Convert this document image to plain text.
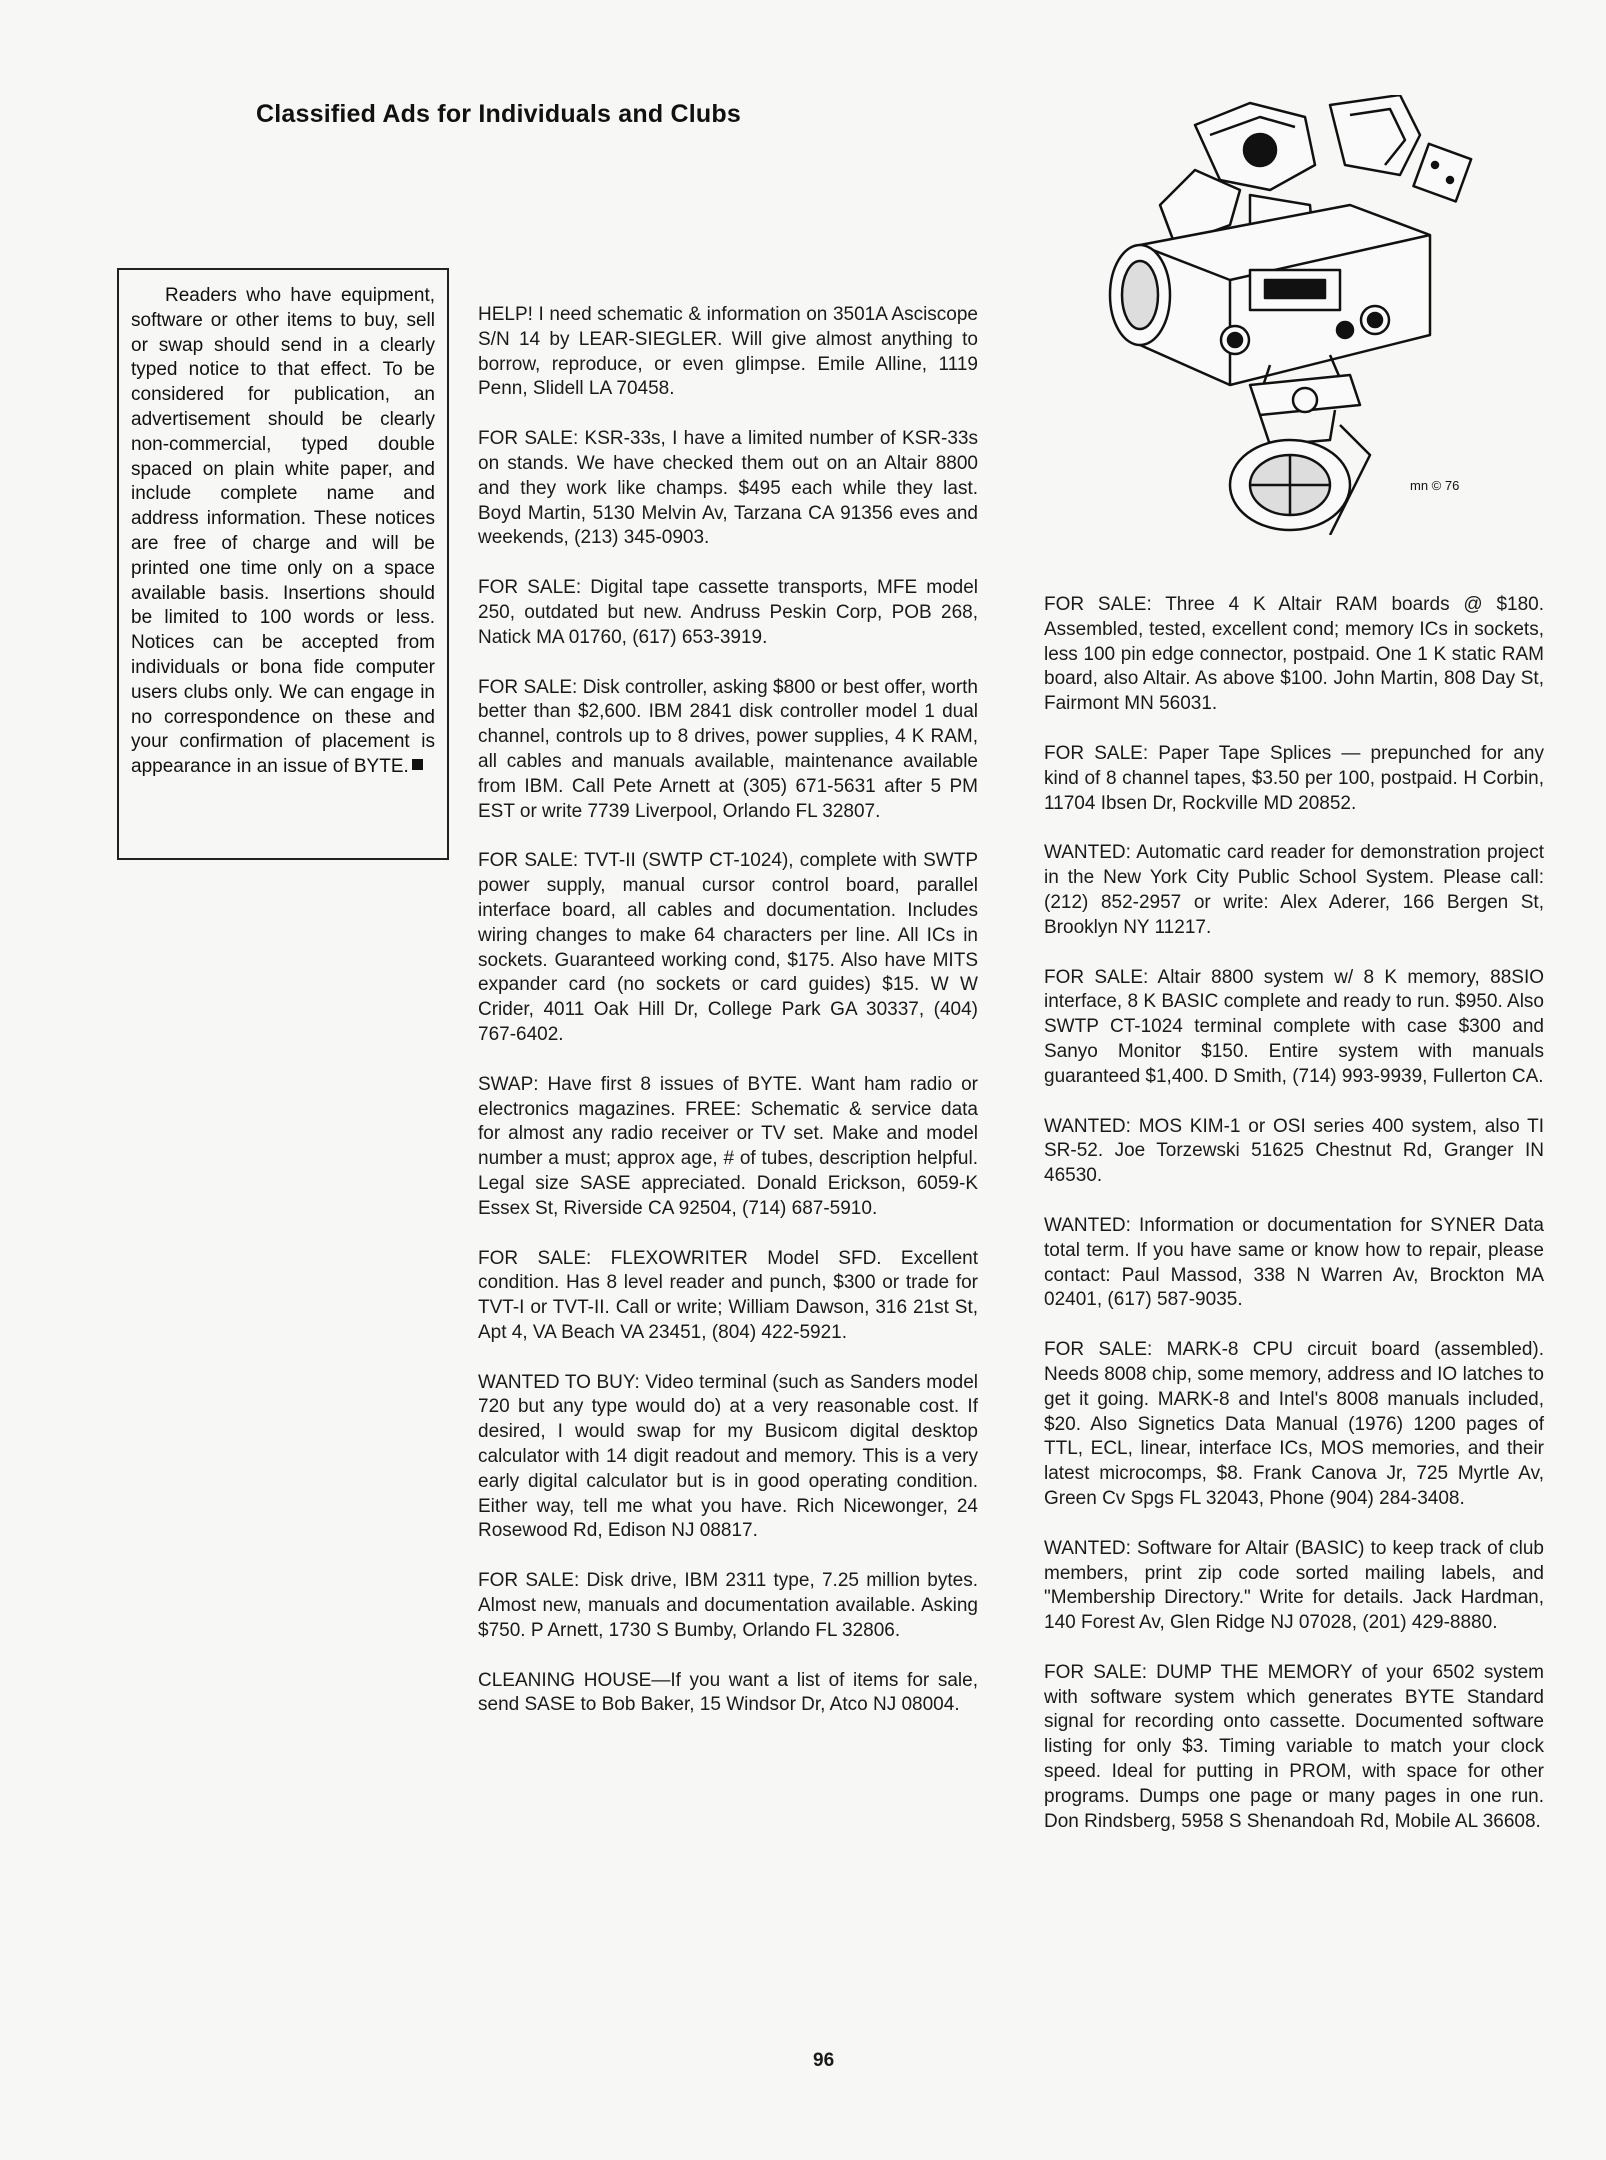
Classified Ads for Individuals and Clubs

Readers who have equipment, software or other items to buy, sell or swap should send in a clearly typed notice to that effect. To be considered for publication, an advertisement should be clearly non-commercial, typed double spaced on plain white paper, and include complete name and address information. These notices are free of charge and will be printed one time only on a space available basis. Insertions should be limited to 100 words or less. Notices can be accepted from individuals or bona fide computer users clubs only. We can engage in no correspondence on these and your confirmation of placement is appearance in an issue of BYTE.

mn © 76

HELP! I need schematic & information on 3501A Asciscope S/N 14 by LEAR-SIEGLER. Will give almost anything to borrow, reproduce, or even glimpse. Emile Alline, 1119 Penn, Slidell LA 70458.

FOR SALE: KSR-33s, I have a limited number of KSR-33s on stands. We have checked them out on an Altair 8800 and they work like champs. $495 each while they last. Boyd Martin, 5130 Melvin Av, Tarzana CA 91356 eves and weekends, (213) 345-0903.

FOR SALE: Digital tape cassette transports, MFE model 250, outdated but new. Andruss Peskin Corp, POB 268, Natick MA 01760, (617) 653-3919.

FOR SALE: Disk controller, asking $800 or best offer, worth better than $2,600. IBM 2841 disk controller model 1 dual channel, controls up to 8 drives, power supplies, 4 K RAM, all cables and manuals available, maintenance available from IBM. Call Pete Arnett at (305) 671-5631 after 5 PM EST or write 7739 Liverpool, Orlando FL 32807.

FOR SALE: TVT-II (SWTP CT-1024), complete with SWTP power supply, manual cursor control board, parallel interface board, all cables and documentation. Includes wiring changes to make 64 characters per line. All ICs in sockets. Guaranteed working cond, $175. Also have MITS expander card (no sockets or card guides) $15. W W Crider, 4011 Oak Hill Dr, College Park GA 30337, (404) 767-6402.

SWAP: Have first 8 issues of BYTE. Want ham radio or electronics magazines. FREE: Schematic & service data for almost any radio receiver or TV set. Make and model number a must; approx age, # of tubes, description helpful. Legal size SASE appreciated. Donald Erickson, 6059-K Essex St, Riverside CA 92504, (714) 687-5910.

FOR SALE: FLEXOWRITER Model SFD. Excellent condition. Has 8 level reader and punch, $300 or trade for TVT-I or TVT-II. Call or write; William Dawson, 316 21st St, Apt 4, VA Beach VA 23451, (804) 422-5921.

WANTED TO BUY: Video terminal (such as Sanders model 720 but any type would do) at a very reasonable cost. If desired, I would swap for my Busicom digital desktop calculator with 14 digit readout and memory. This is a very early digital calculator but is in good operating condition. Either way, tell me what you have. Rich Nicewonger, 24 Rosewood Rd, Edison NJ 08817.

FOR SALE: Disk drive, IBM 2311 type, 7.25 million bytes. Almost new, manuals and documentation available. Asking $750. P Arnett, 1730 S Bumby, Orlando FL 32806.

CLEANING HOUSE—If you want a list of items for sale, send SASE to Bob Baker, 15 Windsor Dr, Atco NJ 08004.

FOR SALE: Three 4 K Altair RAM boards @ $180. Assembled, tested, excellent cond; memory ICs in sockets, less 100 pin edge connector, postpaid. One 1 K static RAM board, also Altair. As above $100. John Martin, 808 Day St, Fairmont MN 56031.

FOR SALE: Paper Tape Splices — prepunched for any kind of 8 channel tapes, $3.50 per 100, postpaid. H Corbin, 11704 Ibsen Dr, Rockville MD 20852.

WANTED: Automatic card reader for demonstration project in the New York City Public School System. Please call: (212) 852-2957 or write: Alex Aderer, 166 Bergen St, Brooklyn NY 11217.

FOR SALE: Altair 8800 system w/ 8 K memory, 88SIO interface, 8 K BASIC complete and ready to run. $950. Also SWTP CT-1024 terminal complete with case $300 and Sanyo Monitor $150. Entire system with manuals guaranteed $1,400. D Smith, (714) 993-9939, Fullerton CA.

WANTED: MOS KIM-1 or OSI series 400 system, also TI SR-52. Joe Torzewski 51625 Chestnut Rd, Granger IN 46530.

WANTED: Information or documentation for SYNER Data total term. If you have same or know how to repair, please contact: Paul Massod, 338 N Warren Av, Brockton MA 02401, (617) 587-9035.

FOR SALE: MARK-8 CPU circuit board (assembled). Needs 8008 chip, some memory, address and IO latches to get it going. MARK-8 and Intel's 8008 manuals included, $20. Also Signetics Data Manual (1976) 1200 pages of TTL, ECL, linear, interface ICs, MOS memories, and their latest microcomps, $8. Frank Canova Jr, 725 Myrtle Av, Green Cv Spgs FL 32043, Phone (904) 284-3408.

WANTED: Software for Altair (BASIC) to keep track of club members, print zip code sorted mailing labels, and "Membership Directory." Write for details. Jack Hardman, 140 Forest Av, Glen Ridge NJ 07028, (201) 429-8880.

FOR SALE: DUMP THE MEMORY of your 6502 system with software system which generates BYTE Standard signal for recording onto cassette. Documented software listing for only $3. Timing variable to match your clock speed. Ideal for putting in PROM, with space for other programs. Dumps one page or many pages in one run. Don Rindsberg, 5958 S Shenandoah Rd, Mobile AL 36608.

96
